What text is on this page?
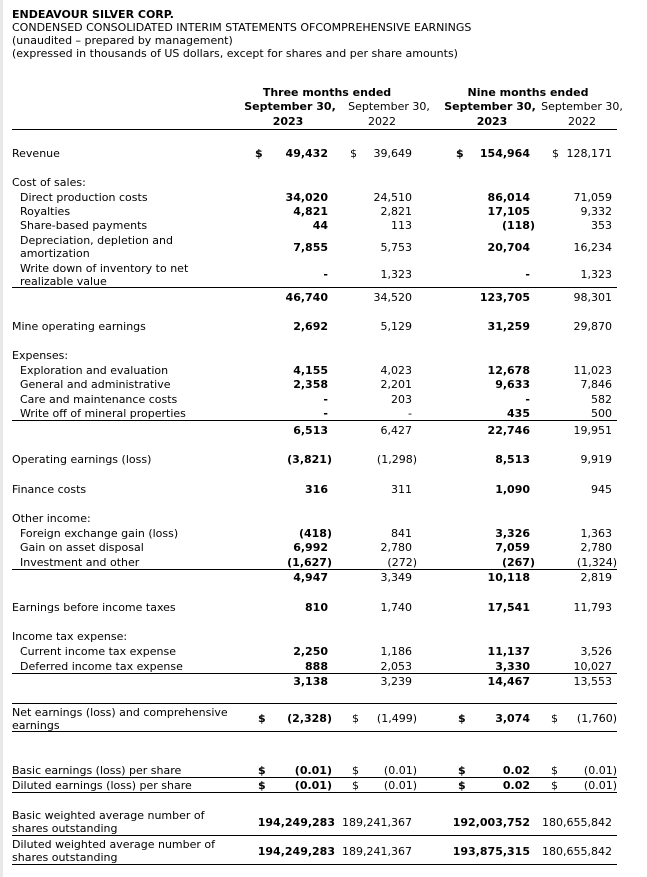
ENDEAVOUR SILVER CORP.
CONDENSED CONSOLIDATED INTERIM STATEMENTS OFCOMPREHENSIVE EARNINGS
(unaudited – prepared by management)
(expressed in thousands of US dollars, except for shares and per share amounts)
Three months ended	Nine months ended
September 30,	September 30,	September 30, September 30,
2023	2022	2023	2022
Revenue	$ 49,432 $ 39,649	$ 154,964 $ 128,171
Cost of sales:
Direct production costs	34,020	24,510	86,014	71,059
Royalties	4,821	2,821	17,105	9,332
Share-based payments	44	113	(118)	353
Depreciation, depletion and
amortization	7,855	5,753	20,704	16,234
Write down of inventory to net
realizable value
-	1,323	-	1,323
46,740	34,520	123,705	98,301
Mine operating earnings	2,692	5,129	31,259	29,870
Expenses:
Exploration and evaluation	4,155	4,023	12,678	11,023
General and administrative	2,358	2,201	9,633	7,846
Care and maintenance costs	-	203	-	582
Write off of mineral properties	-	-	435	500
6,513	6,427	22,746	19,951
Operating earnings (loss)	(3,821)	(1,298)	8,513	9,919
Finance costs	316	311	1,090	945
Other income:
Foreign exchange gain (loss)	(418)	841	3,326	1,363
Gain on asset disposal	6,992	2,780	7,059	2,780
Investment and other	(1,627)	(272)	(267)	(1,324)
4,947	3,349	10,118	2,819
Earnings before income taxes	810	1,740	17,541	11,793
Income tax expense:
Current income tax expense	2,250	1,186	11,137	3,526
Deferred income tax expense	888	2,053	3,330	10,027
3,138	3,239	14,467	13,553
Net earnings (loss) and comprehensive
earnings
$ (2,328) $ (1,499)	$	3,074 $ (1,760)
Basic earnings (loss) per share	$	(0.01) $ (0.01)	$	0.02 $ (0.01)
Diluted earnings (loss) per share	$	(0.01) $ (0.01)	$	0.02 $ (0.01)
Basic weighted average number of
shares outstanding	194,249,283 189,241,367	192,003,752 180,655,842
Diluted weighted average number of
shares outstanding	194,249,283 189,241,367	193,875,315 180,655,842
